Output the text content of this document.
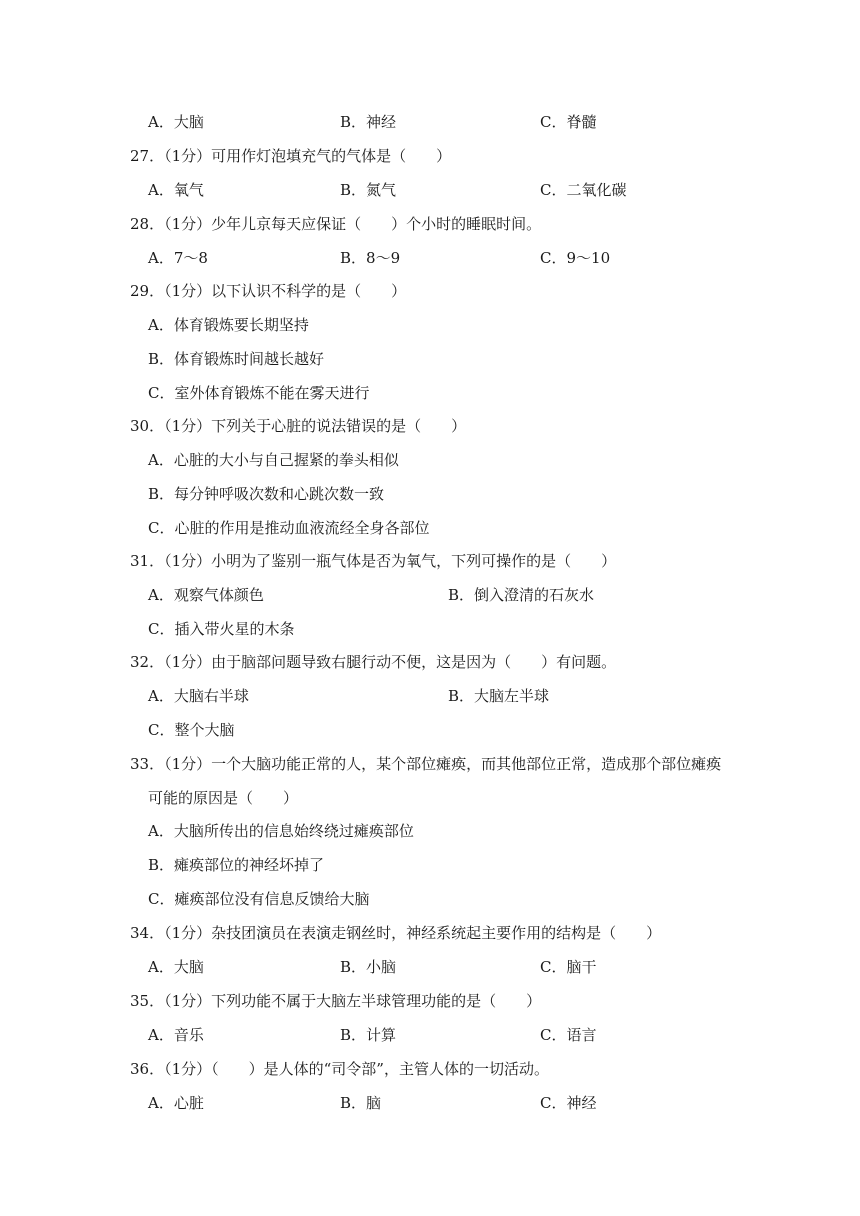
A．大脑	B．神经	C．脊髓
27．（1分）可用作灯泡填充气的气体是（　　）
A．氧气	B．氮气	C．二氧化碳
28．（1分）少年儿京每天应保证（　　）个小时的睡眠时间。
A．7～8	B．8～9	C．9～10
29．（1分）以下认识不科学的是（　　）
A．体育锻炼要长期坚持
B．体育锻炼时间越长越好
C．室外体育锻炼不能在雾天进行
30．（1分）下列关于心脏的说法错误的是（　　）
A．心脏的大小与自己握紧的拳头相似
B．每分钟呼吸次数和心跳次数一致
C．心脏的作用是推动血液流经全身各部位
31．（1分）小明为了鉴别一瓶气体是否为氧气，下列可操作的是（　　）
A．观察气体颜色	B．倒入澄清的石灰水
C．插入带火星的木条
32．（1分）由于脑部问题导致右腿行动不便，这是因为（　　）有问题。
A．大脑右半球	B．大脑左半球
C．整个大脑
33．（1分）一个大脑功能正常的人，某个部位瘫痪，而其他部位正常，造成那个部位瘫痪
可能的原因是（　　）
A．大脑所传出的信息始终绕过瘫痪部位
B．瘫痪部位的神经坏掉了
C．瘫痪部位没有信息反馈给大脑
34．（1分）杂技团演员在表演走钢丝时，神经系统起主要作用的结构是（　　）
A．大脑	B．小脑	C．脑干
35．（1分）下列功能不属于大脑左半球管理功能的是（　　）
A．音乐	B．计算	C．语言
36．（1分）（　　）是人体的“司令部”，主管人体的一切活动。
A．心脏	B．脑	C．神经
